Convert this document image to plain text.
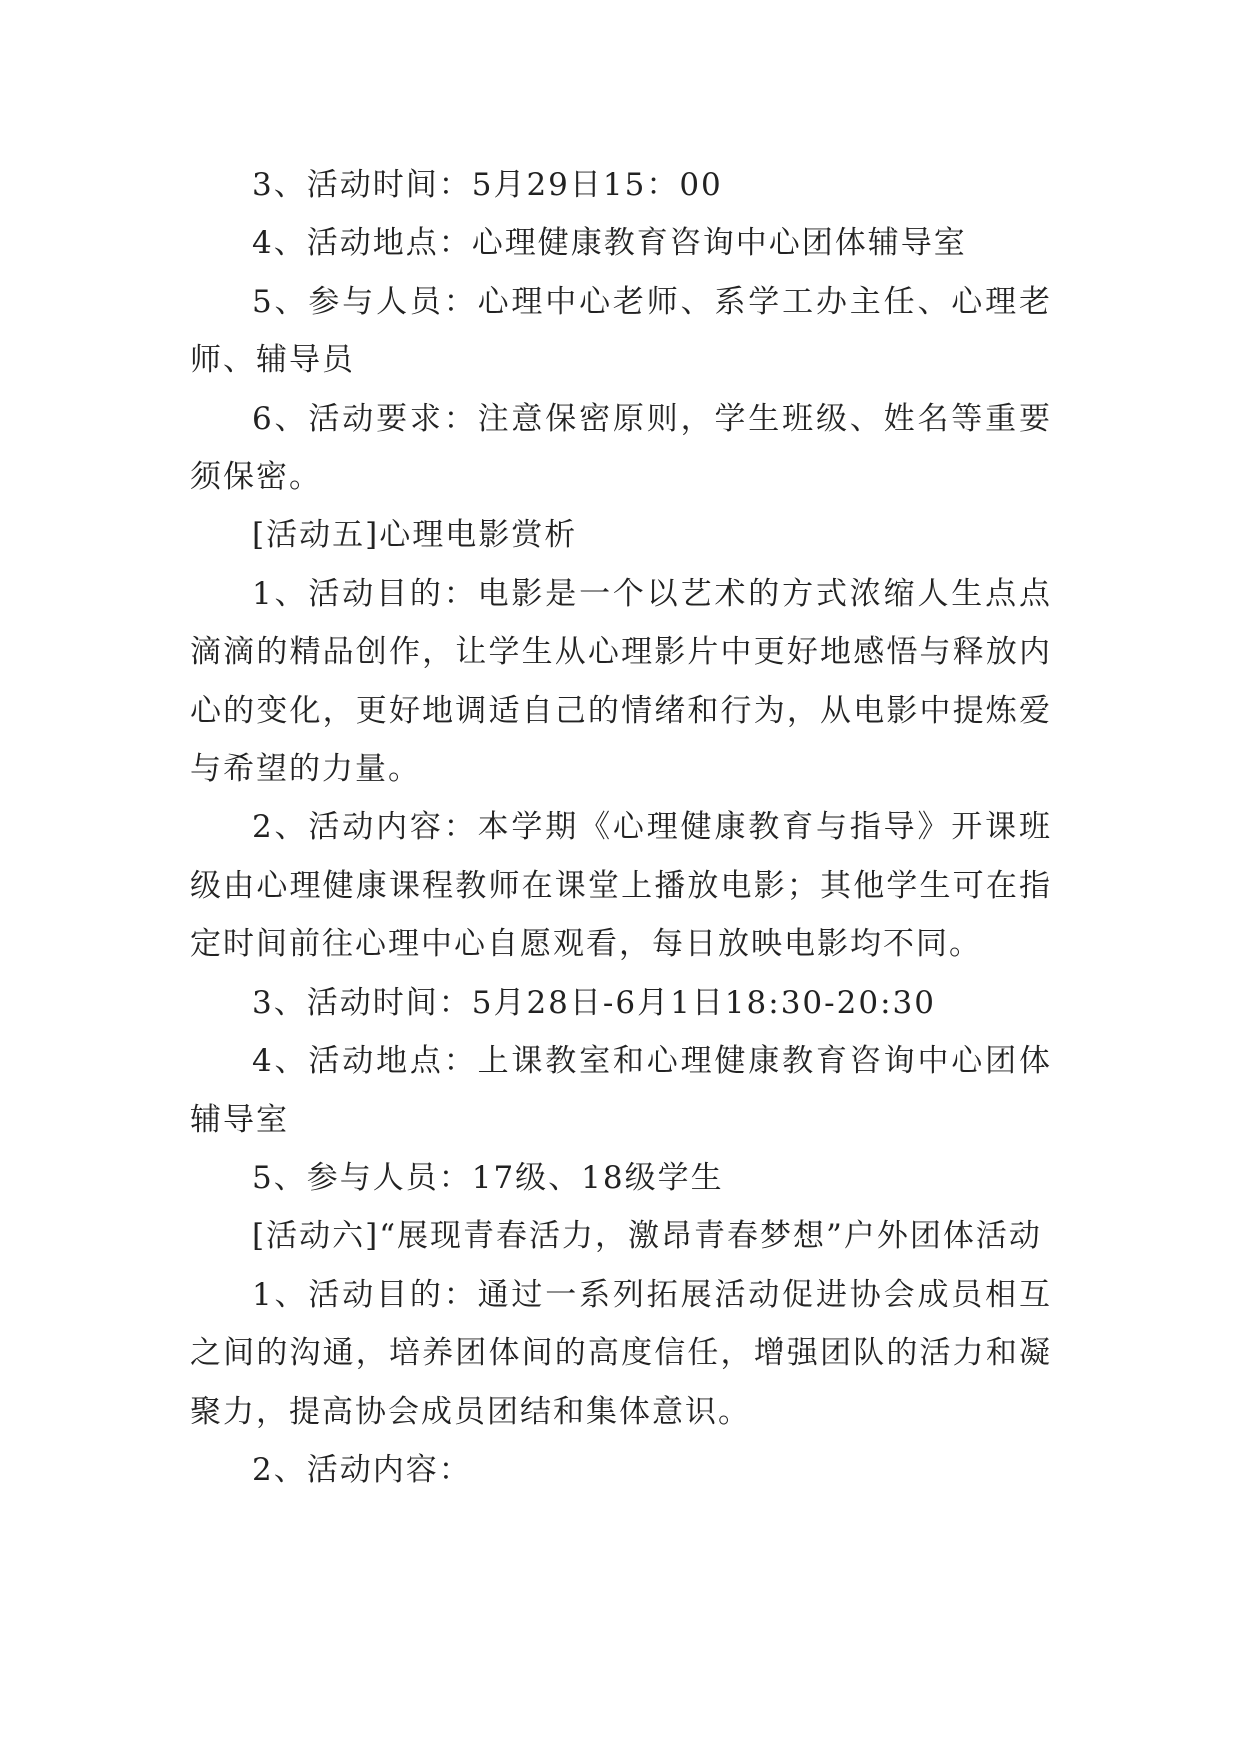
3、活动时间：5月29日15：00

4、活动地点：心理健康教育咨询中心团体辅导室

5、参与人员：心理中心老师、系学工办主任、心理老师、辅导员

6、活动要求：注意保密原则，学生班级、姓名等重要须保密。

[活动五]心理电影赏析

1、活动目的：电影是一个以艺术的方式浓缩人生点点滴滴的精品创作，让学生从心理影片中更好地感悟与释放内心的变化，更好地调适自己的情绪和行为，从电影中提炼爱与希望的力量。

2、活动内容：本学期《心理健康教育与指导》开课班级由心理健康课程教师在课堂上播放电影；其他学生可在指定时间前往心理中心自愿观看，每日放映电影均不同。

3、活动时间：5月28日-6月1日18:30-20:30

4、活动地点：上课教室和心理健康教育咨询中心团体辅导室

5、参与人员：17级、18级学生

[活动六]“展现青春活力，激昂青春梦想”户外团体活动

1、活动目的：通过一系列拓展活动促进协会成员相互之间的沟通，培养团体间的高度信任，增强团队的活力和凝聚力，提高协会成员团结和集体意识。

2、活动内容：
